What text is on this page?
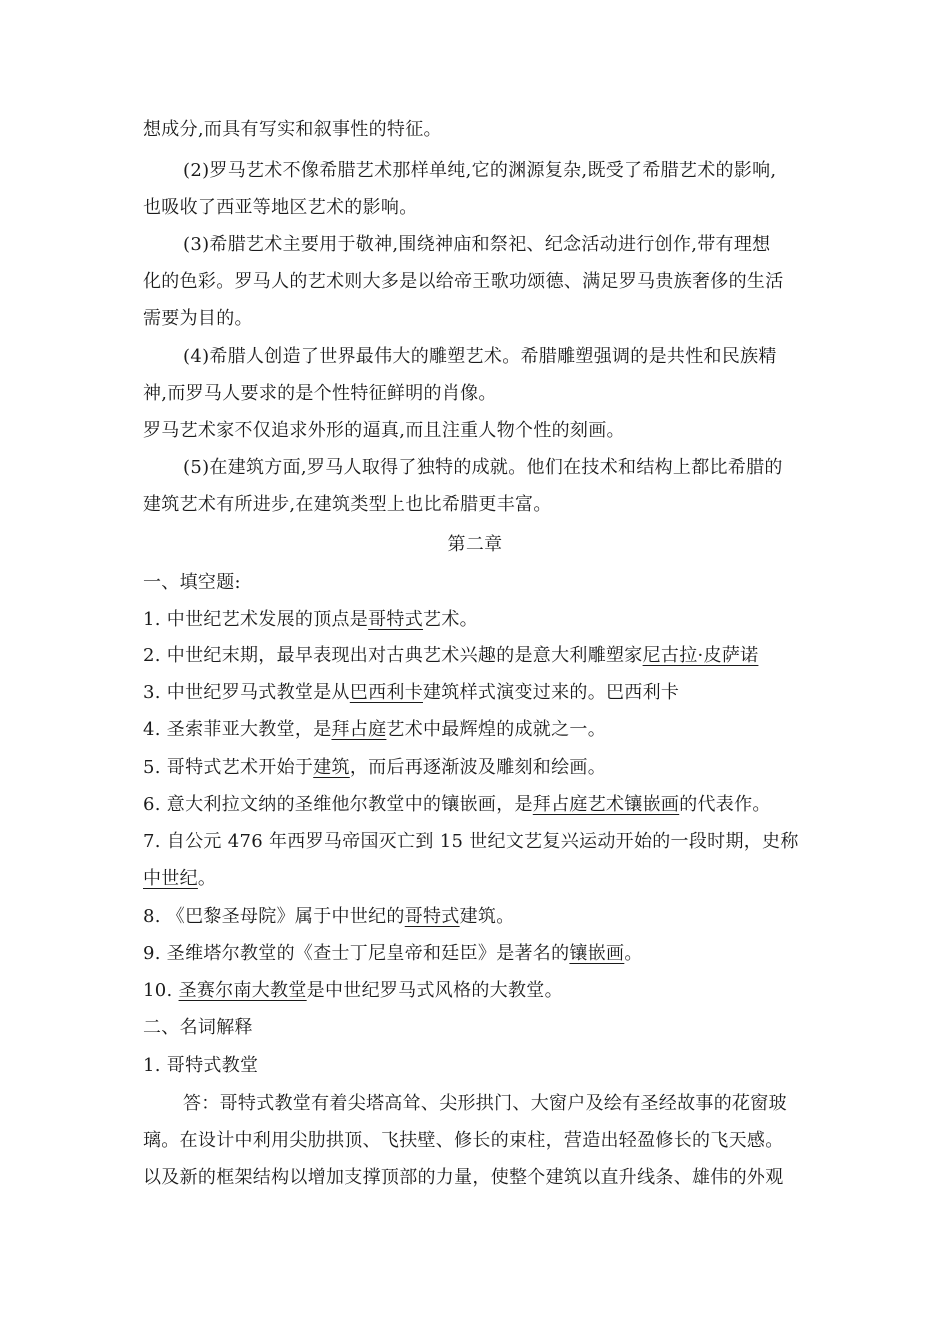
想成分,而具有写实和叙事性的特征。
(2)罗马艺术不像希腊艺术那样单纯,它的渊源复杂,既受了希腊艺术的影响,
也吸收了西亚等地区艺术的影响。
(3)希腊艺术主要用于敬神,围绕神庙和祭祀、纪念活动进行创作,带有理想
化的色彩。罗马人的艺术则大多是以给帝王歌功颂德、满足罗马贵族奢侈的生活
需要为目的。
(4)希腊人创造了世界最伟大的雕塑艺术。希腊雕塑强调的是共性和民族精
神,而罗马人要求的是个性特征鲜明的肖像。
罗马艺术家不仅追求外形的逼真,而且注重人物个性的刻画。
(5)在建筑方面,罗马人取得了独特的成就。他们在技术和结构上都比希腊的
建筑艺术有所进步,在建筑类型上也比希腊更丰富。
第二章
一、填空题:
1. 中世纪艺术发展的顶点是哥特式艺术。
2. 中世纪末期，最早表现出对古典艺术兴趣的是意大利雕塑家尼古拉·皮萨诺
3. 中世纪罗马式教堂是从巴西利卡建筑样式演变过来的。巴西利卡
4. 圣索菲亚大教堂，是拜占庭艺术中最辉煌的成就之一。
5. 哥特式艺术开始于建筑，而后再逐渐波及雕刻和绘画。
6. 意大利拉文纳的圣维他尔教堂中的镶嵌画，是拜占庭艺术镶嵌画的代表作。
7. 自公元 476 年西罗马帝国灭亡到 15 世纪文艺复兴运动开始的一段时期，史称
中世纪。
8. 《巴黎圣母院》属于中世纪的哥特式建筑。
9. 圣维塔尔教堂的《查士丁尼皇帝和廷臣》是著名的镶嵌画。
10. 圣赛尔南大教堂是中世纪罗马式风格的大教堂。
二、名词解释
1. 哥特式教堂
答：哥特式教堂有着尖塔高耸、尖形拱门、大窗户及绘有圣经故事的花窗玻
璃。在设计中利用尖肋拱顶、飞扶壁、修长的束柱，营造出轻盈修长的飞天感。
以及新的框架结构以增加支撑顶部的力量，使整个建筑以直升线条、雄伟的外观
